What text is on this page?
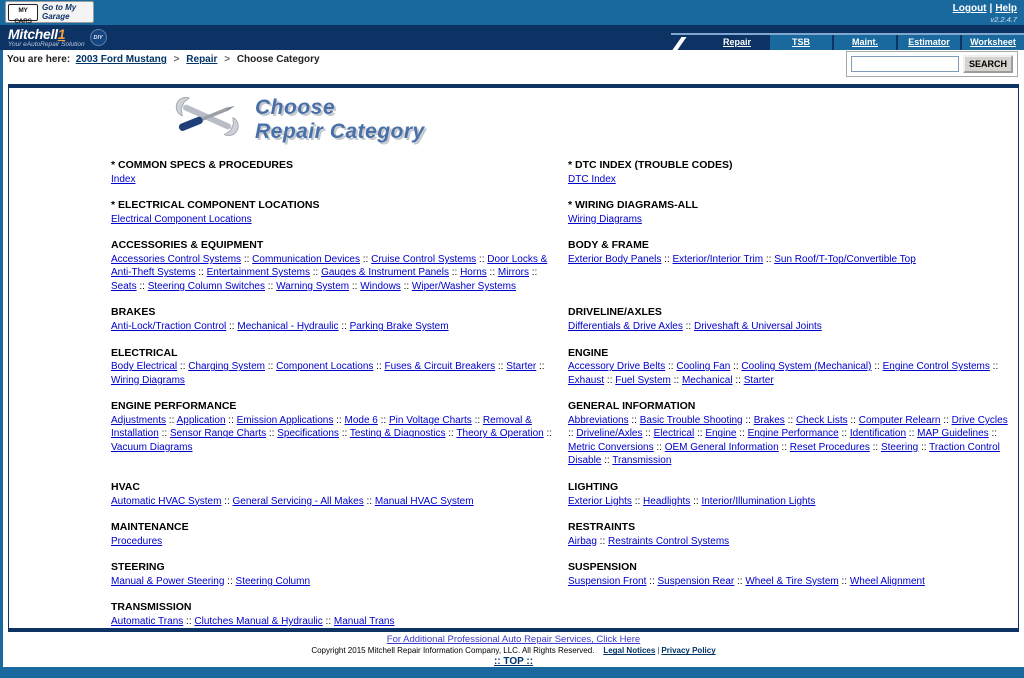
MY CARS
Go to My Garage
Logout | Help
v2.2.4.7
Mitchell1
Your eAutoRepair Solution
DIY	Repair	TSB	Maint.	Estimator	Worksheet
You are here: 2003 Ford Mustang > Repair > Choose Category	SEARCH
Choose
Repair Category
* COMMON SPECS & PROCEDURES
Index
* DTC INDEX (TROUBLE CODES)
DTC Index
* ELECTRICAL COMPONENT LOCATIONS
Electrical Component Locations
* WIRING DIAGRAMS-ALL
Wiring Diagrams
ACCESSORIES & EQUIPMENT
Accessories Control Systems :: Communication Devices :: Cruise Control Systems :: Door Locks & Anti-Theft Systems :: Entertainment Systems :: Gauges & Instrument Panels :: Horns :: Mirrors :: Seats :: Steering Column Switches :: Warning System :: Windows :: Wiper/Washer Systems
BODY & FRAME
Exterior Body Panels :: Exterior/Interior Trim :: Sun Roof/T-Top/Convertible Top
BRAKES
Anti-Lock/Traction Control :: Mechanical - Hydraulic :: Parking Brake System
DRIVELINE/AXLES
Differentials & Drive Axles :: Driveshaft & Universal Joints
ELECTRICAL
Body Electrical :: Charging System :: Component Locations :: Fuses & Circuit Breakers :: Starter :: Wiring Diagrams
ENGINE
Accessory Drive Belts :: Cooling Fan :: Cooling System (Mechanical) :: Engine Control Systems :: Exhaust :: Fuel System :: Mechanical :: Starter
ENGINE PERFORMANCE
Adjustments :: Application :: Emission Applications :: Mode 6 :: Pin Voltage Charts :: Removal & Installation :: Sensor Range Charts :: Specifications :: Testing & Diagnostics :: Theory & Operation :: Vacuum Diagrams
GENERAL INFORMATION
Abbreviations :: Basic Trouble Shooting :: Brakes :: Check Lists :: Computer Relearn :: Drive Cycles :: Driveline/Axles :: Electrical :: Engine :: Engine Performance :: Identification :: MAP Guidelines :: Metric Conversions :: OEM General Information :: Reset Procedures :: Steering :: Traction Control Disable :: Transmission
HVAC
Automatic HVAC System :: General Servicing - All Makes :: Manual HVAC System
LIGHTING
Exterior Lights :: Headlights :: Interior/Illumination Lights
MAINTENANCE
Procedures
RESTRAINTS
Airbag :: Restraints Control Systems
STEERING
Manual & Power Steering :: Steering Column
SUSPENSION
Suspension Front :: Suspension Rear :: Wheel & Tire System :: Wheel Alignment
TRANSMISSION
Automatic Trans :: Clutches Manual & Hydraulic :: Manual Trans
For Additional Professional Auto Repair Services, Click Here
Copyright 2015 Mitchell Repair Information Company, LLC. All Rights Reserved. Legal Notices | Privacy Policy
:: TOP ::
